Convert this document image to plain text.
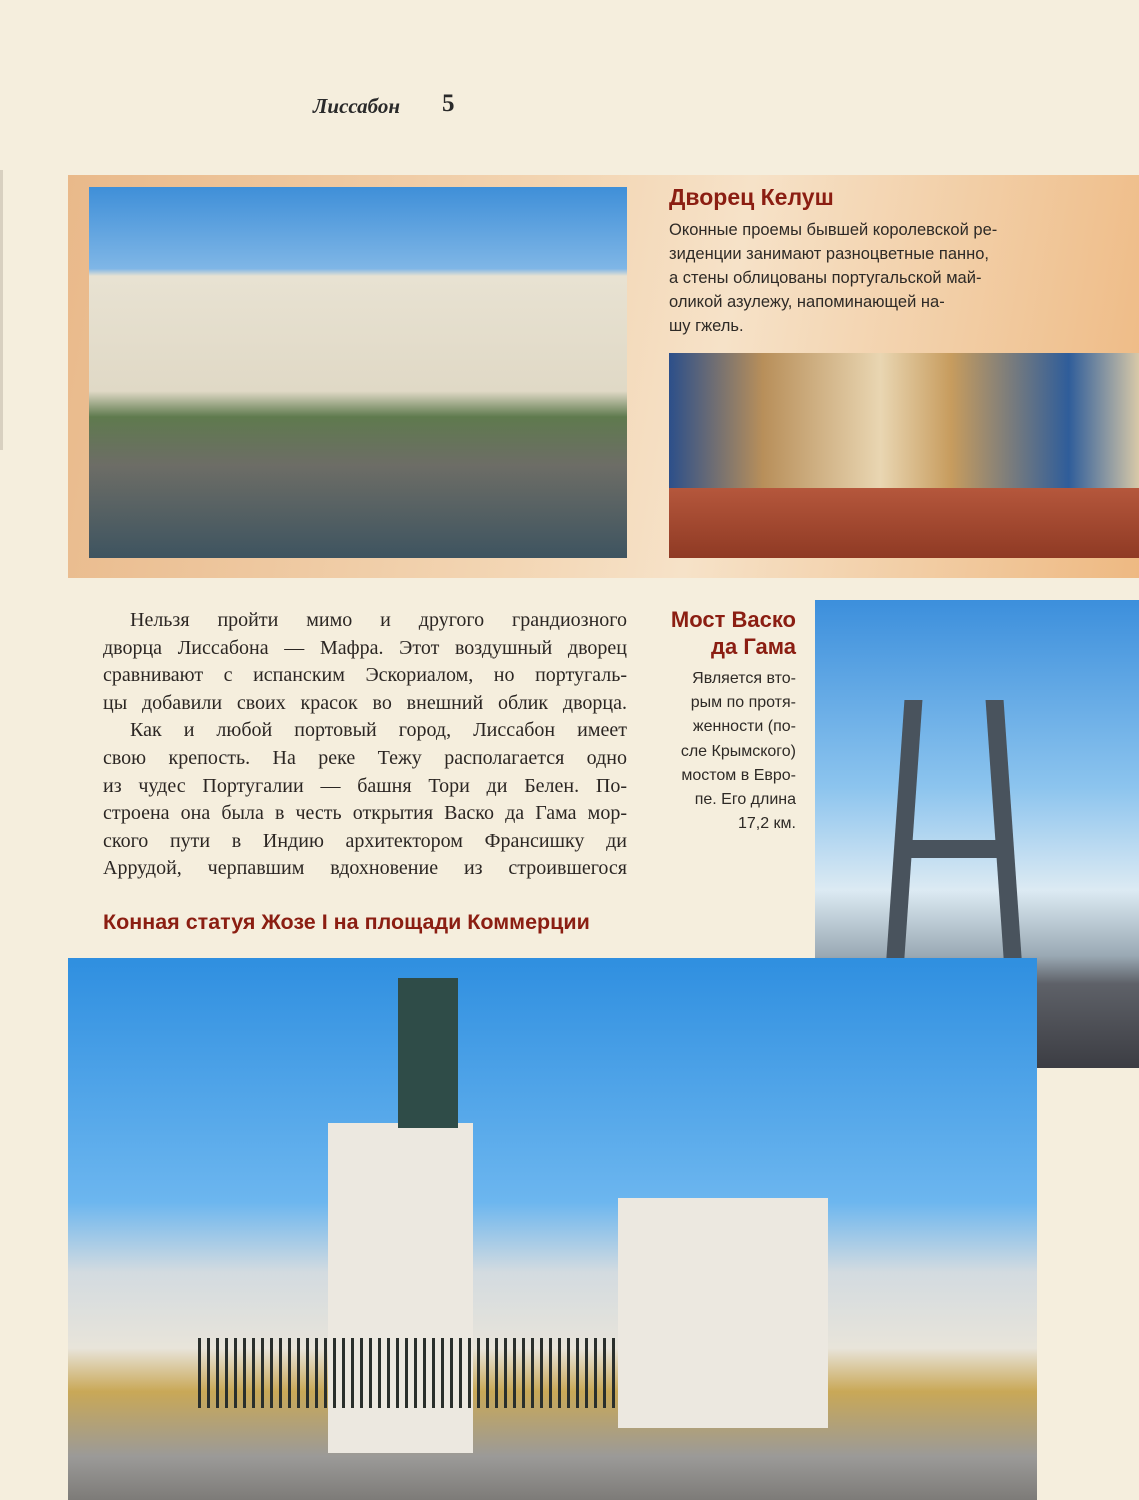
Лиссабон 5
Дворец Келуш
Оконные проемы бывшей королевской ре-
зиденции занимают разноцветные панно,
а стены облицованы португальской май-
оликой азулежу, напоминающей на-
шу гжель.
Нельзя пройти мимо и другого грандиозного
дворца Лиссабона — Мафра. Этот воздушный дворец
сравнивают с испанским Эскориалом, но португаль-
цы добавили своих красок во внешний облик дворца.
Как и любой портовый город, Лиссабон имеет
свою крепость. На реке Тежу располагается одно
из чудес Португалии — башня Тори ди Белен. По-
строена она была в честь открытия Васко да Гама мор-
ского пути в Индию архитектором Франсишку ди
Аррудой, черпавшим вдохновение из строившегося
Мост Васко
да Гама
Является вто-
рым по протя-
женности (по-
сле Крымского)
мостом в Евро-
пе. Его длина
17,2 км.
Конная статуя Жозе I на площади Коммерции
